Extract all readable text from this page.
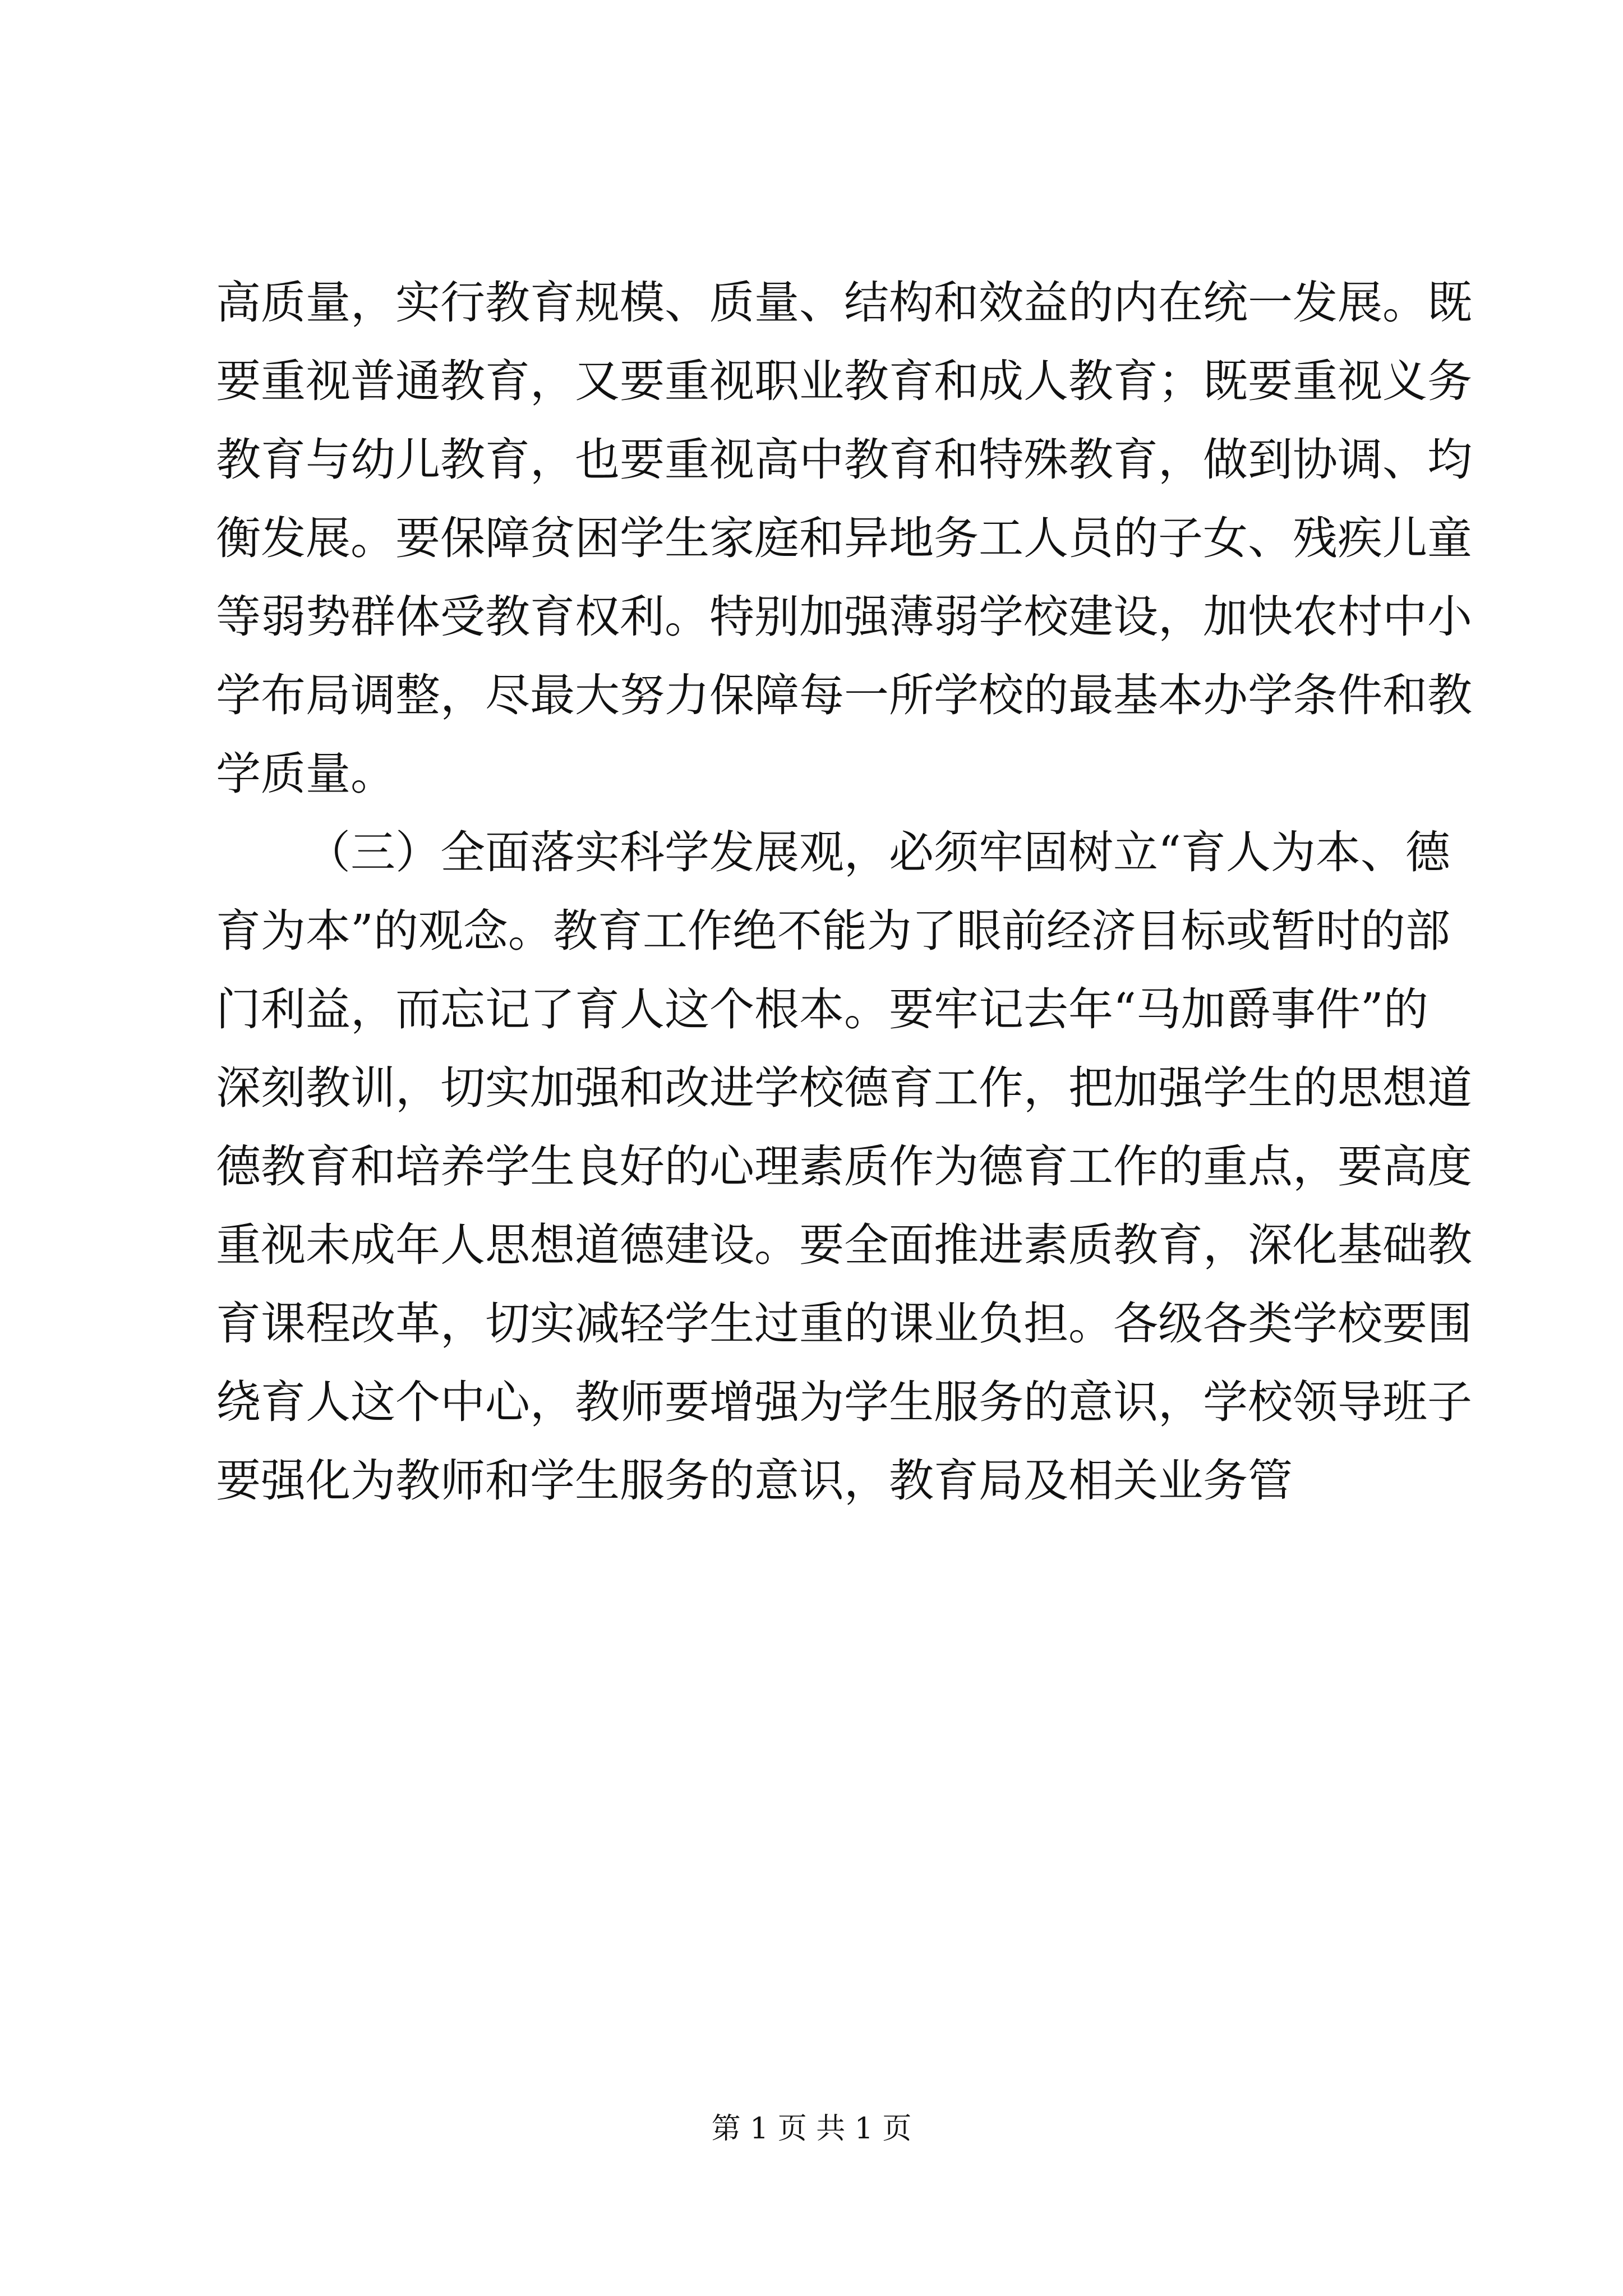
高质量，实行教育规模、质量、结构和效益的内在统一发展。既
要重视普通教育，又要重视职业教育和成人教育；既要重视义务
教育与幼儿教育，也要重视高中教育和特殊教育，做到协调、均
衡发展。要保障贫困学生家庭和异地务工人员的子女、残疾儿童
等弱势群体受教育权利。特别加强薄弱学校建设，加快农村中小
学布局调整，尽最大努力保障每一所学校的最基本办学条件和教
学质量。
（三）全面落实科学发展观，必须牢固树立“育人为本、德
育为本”的观念。教育工作绝不能为了眼前经济目标或暂时的部
门利益，而忘记了育人这个根本。要牢记去年“马加爵事件”的
深刻教训，切实加强和改进学校德育工作，把加强学生的思想道
德教育和培养学生良好的心理素质作为德育工作的重点，要高度
重视未成年人思想道德建设。要全面推进素质教育，深化基础教
育课程改革，切实减轻学生过重的课业负担。各级各类学校要围
绕育人这个中心，教师要增强为学生服务的意识，学校领导班子
要强化为教师和学生服务的意识，教育局及相关业务管
第 1 页 共 1 页
